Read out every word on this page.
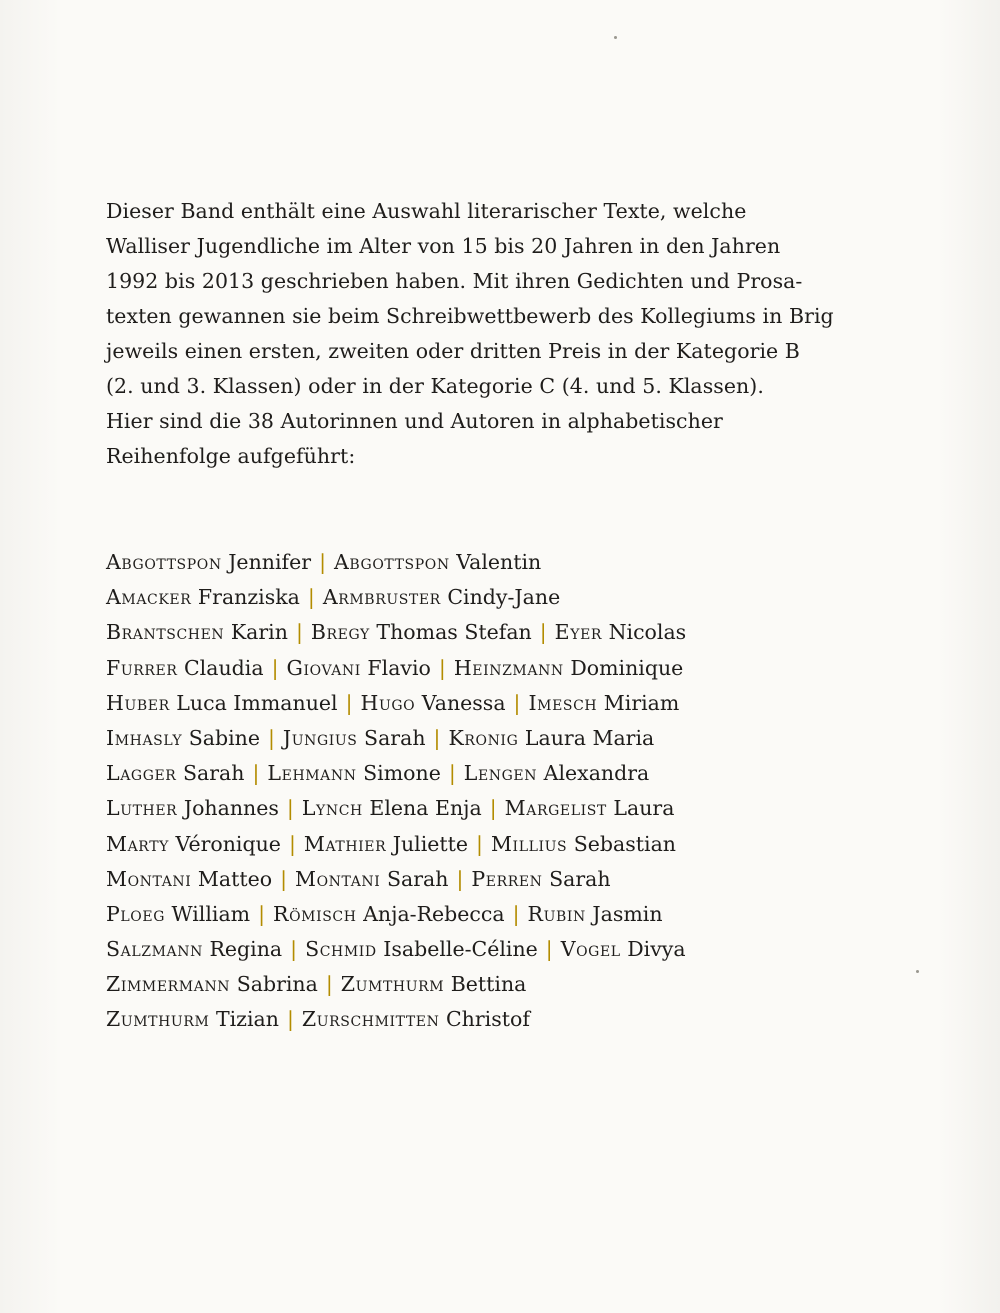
Dieser Band enthält eine Auswahl literarischer Texte, welche
Walliser Jugendliche im Alter von 15 bis 20 Jahren in den Jahren
1992 bis 2013 geschrieben haben. Mit ihren Gedichten und Prosa-
texten gewannen sie beim Schreibwettbewerb des Kollegiums in Brig
jeweils einen ersten, zweiten oder dritten Preis in der Kategorie B
(2. und 3. Klassen) oder in der Kategorie C (4. und 5. Klassen).
Hier sind die 38 Autorinnen und Autoren in alphabetischer
Reihenfolge aufgeführt:

Abgottspon Jennifer | Abgottspon Valentin
Amacker Franziska | Armbruster Cindy-Jane
Brantschen Karin | Bregy Thomas Stefan | Eyer Nicolas
Furrer Claudia | Giovani Flavio | Heinzmann Dominique
Huber Luca Immanuel | Hugo Vanessa | Imesch Miriam
Imhasly Sabine | Jungius Sarah | Kronig Laura Maria
Lagger Sarah | Lehmann Simone | Lengen Alexandra
Luther Johannes | Lynch Elena Enja | Margelist Laura
Marty Véronique | Mathier Juliette | Millius Sebastian
Montani Matteo | Montani Sarah | Perren Sarah
Ploeg William | Römisch Anja-Rebecca | Rubin Jasmin
Salzmann Regina | Schmid Isabelle-Céline | Vogel Divya
Zimmermann Sabrina | Zumthurm Bettina
Zumthurm Tizian | Zurschmitten Christof
